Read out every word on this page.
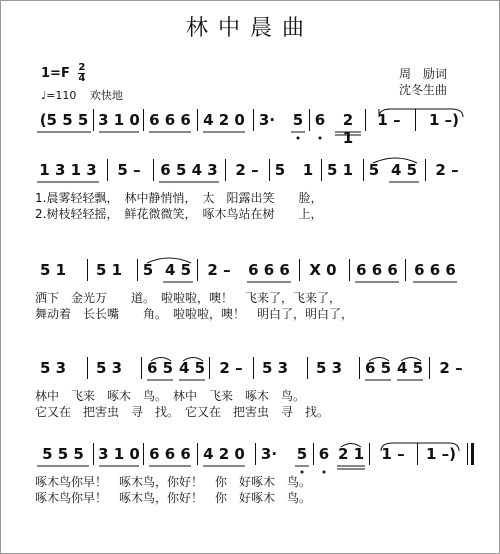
林中晨曲
$1=F \frac{2}{4}$
♩=110 欢快地
周　励词
沈冬生曲
(5 5 5 3 1 0 6 6 6 4 2 0 3· 5 6	2 1
1 –	1 –)
1 3 1 3	5 –	6 5 4 3	2 –	5 1 5 1 5 4 5	2 –
1.晨雾轻轻飘，　林中静悄悄，　太　阳露出笑　　脸，
2.树枝轻轻摇，　鲜花微微笑，　啄木鸟站在树　　上，
5 1	5 1	5 4 5	2 –	6 6 6	X 0	6 6 6 6 6 6
洒下　金光万　　道。　啦啦啦，噢！　飞来了，飞来了，
舞动着　长长嘴　　角。　啦啦啦，噢！　明白了，明白了，
5 3	5 3	6 5 4 5 2 –	5 3	5 3	6 5 4 5	2 –
林中　飞来　啄木　鸟。　林中　飞来　啄木　鸟。
它又在　把害虫　寻　找。　它又在　把害虫　寻　找。
5 5 5 3 1 0 6 6 6 4 2 0 3· 5 6 2 1	1 –	1 –)
啄木鸟你早！　啄木鸟，你好！　你　好啄木　鸟。
啄木鸟你早！　啄木鸟，你好！　你　好啄木　鸟。
